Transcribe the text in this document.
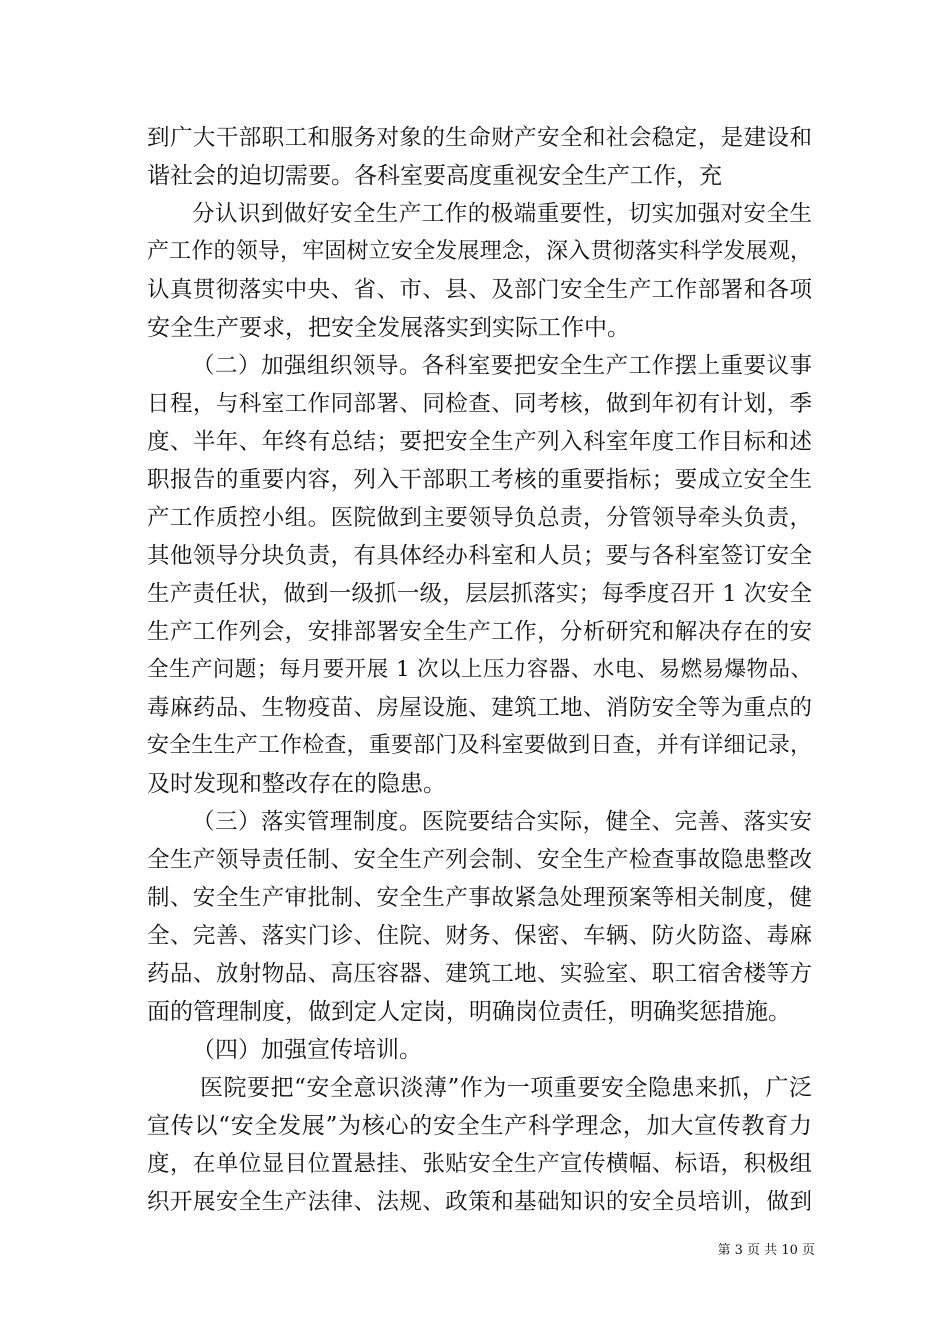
到广大干部职工和服务对象的生命财产安全和社会稳定，是建设和
谐社会的迫切需要。各科室要高度重视安全生产工作，充
分认识到做好安全生产工作的极端重要性，切实加强对安全生
产工作的领导，牢固树立安全发展理念，深入贯彻落实科学发展观，
认真贯彻落实中央、省、市、县、及部门安全生产工作部署和各项
安全生产要求，把安全发展落实到实际工作中。
（二）加强组织领导。各科室要把安全生产工作摆上重要议事
日程，与科室工作同部署、同检查、同考核，做到年初有计划，季
度、半年、年终有总结；要把安全生产列入科室年度工作目标和述
职报告的重要内容，列入干部职工考核的重要指标；要成立安全生
产工作质控小组。医院做到主要领导负总责，分管领导牵头负责，
其他领导分块负责，有具体经办科室和人员；要与各科室签订安全
生产责任状，做到一级抓一级，层层抓落实；每季度召开 1 次安全
生产工作列会，安排部署安全生产工作，分析研究和解决存在的安
全生产问题；每月要开展 1 次以上压力容器、水电、易燃易爆物品、
毒麻药品、生物疫苗、房屋设施、建筑工地、消防安全等为重点的
安全生生产工作检查，重要部门及科室要做到日查，并有详细记录，
及时发现和整改存在的隐患。
（三）落实管理制度。医院要结合实际，健全、完善、落实安
全生产领导责任制、安全生产列会制、安全生产检查事故隐患整改
制、安全生产审批制、安全生产事故紧急处理预案等相关制度，健
全、完善、落实门诊、住院、财务、保密、车辆、防火防盗、毒麻
药品、放射物品、高压容器、建筑工地、实验室、职工宿舍楼等方
面的管理制度，做到定人定岗，明确岗位责任，明确奖惩措施。
（四）加强宣传培训。
医院要把“安全意识淡薄”作为一项重要安全隐患来抓，广泛
宣传以“安全发展”为核心的安全生产科学理念，加大宣传教育力
度，在单位显目位置悬挂、张贴安全生产宣传横幅、标语，积极组
织开展安全生产法律、法规、政策和基础知识的安全员培训，做到
第 3 页 共 10 页
